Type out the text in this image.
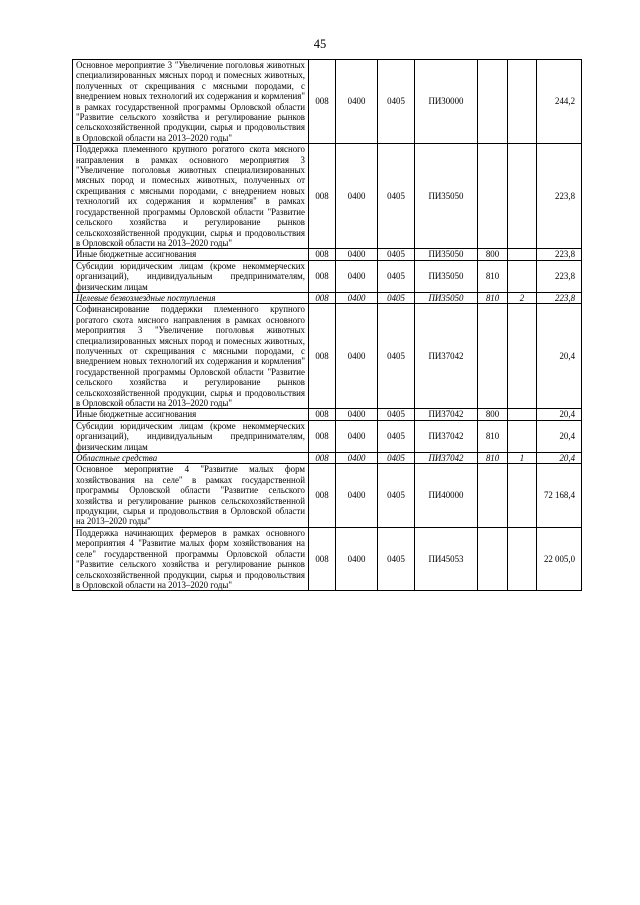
45
Основное мероприятие 3 "Увеличение поголовья животных специализированных мясных пород и помесных животных, полученных от скрещивания с мясными породами, с внедрением новых технологий их содержания и кормления" в рамках государственной программы Орловской области "Развитие сельского хозяйства и регулирование рынков сельскохозяйственной продукции, сырья и продовольствия в Орловской области на 2013–2020 годы"	008	0400	0405	ПИ30000			244,2
Поддержка племенного крупного рогатого скота мясного направления в рамках основного мероприятия 3 "Увеличение поголовья животных специализированных мясных пород и помесных животных, полученных от скрещивания с мясными породами, с внедрением новых технологий их содержания и кормления" в рамках государственной программы Орловской области "Развитие сельского хозяйства и регулирование рынков сельскохозяйственной продукции, сырья и продовольствия в Орловской области на 2013–2020 годы"	008	0400	0405	ПИ35050			223,8
Иные бюджетные ассигнования	008	0400	0405	ПИ35050	800		223,8
Субсидии юридическим лицам (кроме некоммерческих организаций), индивидуальным предпринимателям, физическим лицам	008	0400	0405	ПИ35050	810		223,8
Целевые безвозмездные поступления	008	0400	0405	ПИ35050	810	2	223,8
Софинансирование поддержки племенного крупного рогатого скота мясного направления в рамках основного мероприятия 3 "Увеличение поголовья животных специализированных мясных пород и помесных животных, полученных от скрещивания с мясными породами, с внедрением новых технологий их содержания и кормления" государственной программы Орловской области "Развитие сельского хозяйства и регулирование рынков сельскохозяйственной продукции, сырья и продовольствия в Орловской области на 2013–2020 годы"	008	0400	0405	ПИ37042			20,4
Иные бюджетные ассигнования	008	0400	0405	ПИ37042	800		20,4
Субсидии юридическим лицам (кроме некоммерческих организаций), индивидуальным предпринимателям, физическим лицам	008	0400	0405	ПИ37042	810		20,4
Областные средства	008	0400	0405	ПИ37042	810	1	20,4
Основное мероприятие 4 "Развитие малых форм хозяйствования на селе" в рамках государственной программы Орловской области "Развитие сельского хозяйства и регулирование рынков сельскохозяйственной продукции, сырья и продовольствия в Орловской области на 2013–2020 годы"	008	0400	0405	ПИ40000			72 168,4
Поддержка начинающих фермеров в рамках основного мероприятия 4 "Развитие малых форм хозяйствования на селе" государственной программы Орловской области "Развитие сельского хозяйства и регулирование рынков сельскохозяйственной продукции, сырья и продовольствия в Орловской области на 2013–2020 годы"	008	0400	0405	ПИ45053			22 005,0
